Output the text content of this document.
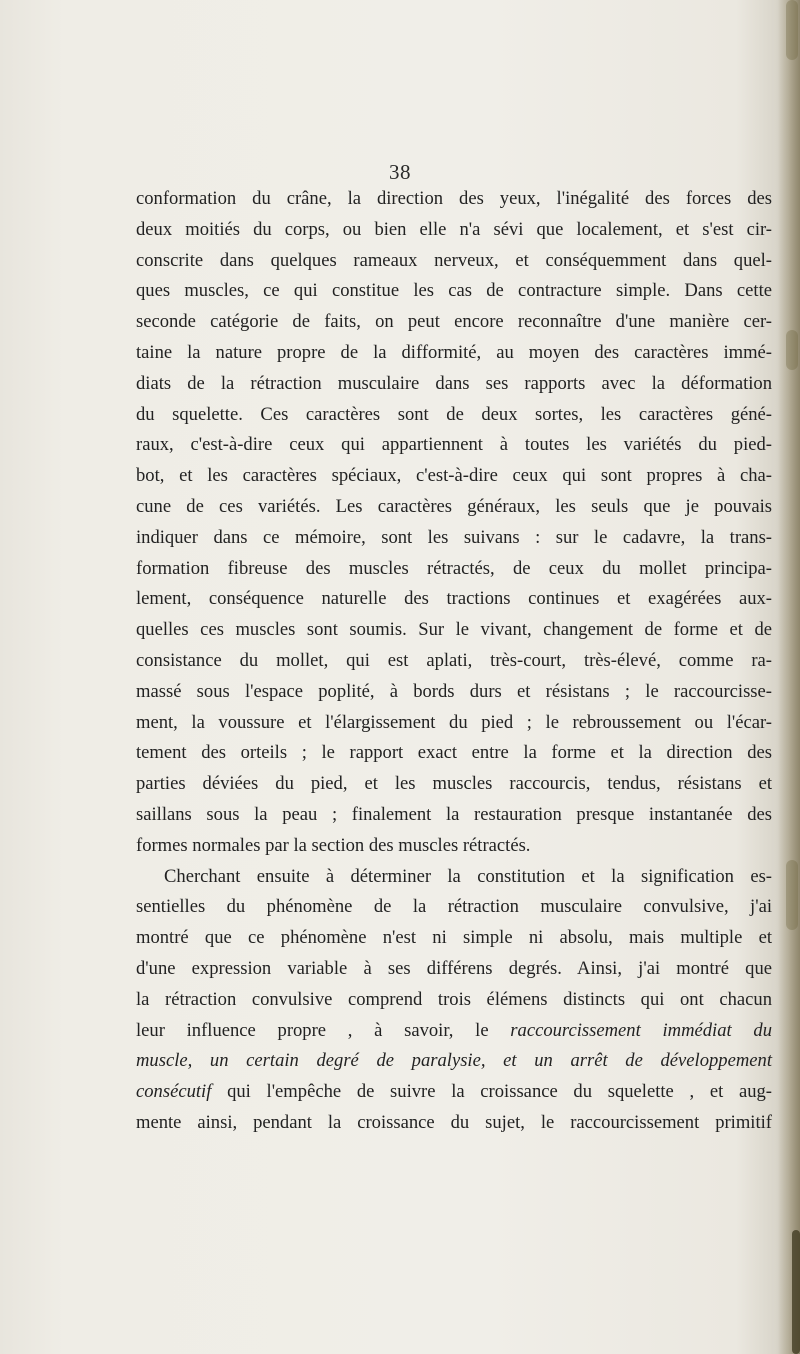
38
conformation du crâne, la direction des yeux, l'inégalité des forces des
deux moitiés du corps, ou bien elle n'a sévi que localement, et s'est cir-
conscrite dans quelques rameaux nerveux, et conséquemment dans quel-
ques muscles, ce qui constitue les cas de contracture simple. Dans cette
seconde catégorie de faits, on peut encore reconnaître d'une manière cer-
taine la nature propre de la difformité, au moyen des caractères immé-
diats de la rétraction musculaire dans ses rapports avec la déformation
du squelette. Ces caractères sont de deux sortes, les caractères géné-
raux, c'est-à-dire ceux qui appartiennent à toutes les variétés du pied-
bot, et les caractères spéciaux, c'est-à-dire ceux qui sont propres à cha-
cune de ces variétés. Les caractères généraux, les seuls que je pouvais
indiquer dans ce mémoire, sont les suivans : sur le cadavre, la trans-
formation fibreuse des muscles rétractés, de ceux du mollet principa-
lement, conséquence naturelle des tractions continues et exagérées aux-
quelles ces muscles sont soumis. Sur le vivant, changement de forme et de
consistance du mollet, qui est aplati, très-court, très-élevé, comme ra-
massé sous l'espace poplité, à bords durs et résistans ; le raccourcisse-
ment, la voussure et l'élargissement du pied ; le rebroussement ou l'écar-
tement des orteils ; le rapport exact entre la forme et la direction des
parties déviées du pied, et les muscles raccourcis, tendus, résistans et
saillans sous la peau ; finalement la restauration presque instantanée des
formes normales par la section des muscles rétractés.
Cherchant ensuite à déterminer la constitution et la signification es-
sentielles du phénomène de la rétraction musculaire convulsive, j'ai
montré que ce phénomène n'est ni simple ni absolu, mais multiple et
d'une expression variable à ses différens degrés. Ainsi, j'ai montré que
la rétraction convulsive comprend trois élémens distincts qui ont chacun
leur influence propre , à savoir, le raccourcissement immédiat du
muscle, un certain degré de paralysie, et un arrêt de développement
consécutif qui l'empêche de suivre la croissance du squelette , et aug-
mente ainsi, pendant la croissance du sujet, le raccourcissement primitif
